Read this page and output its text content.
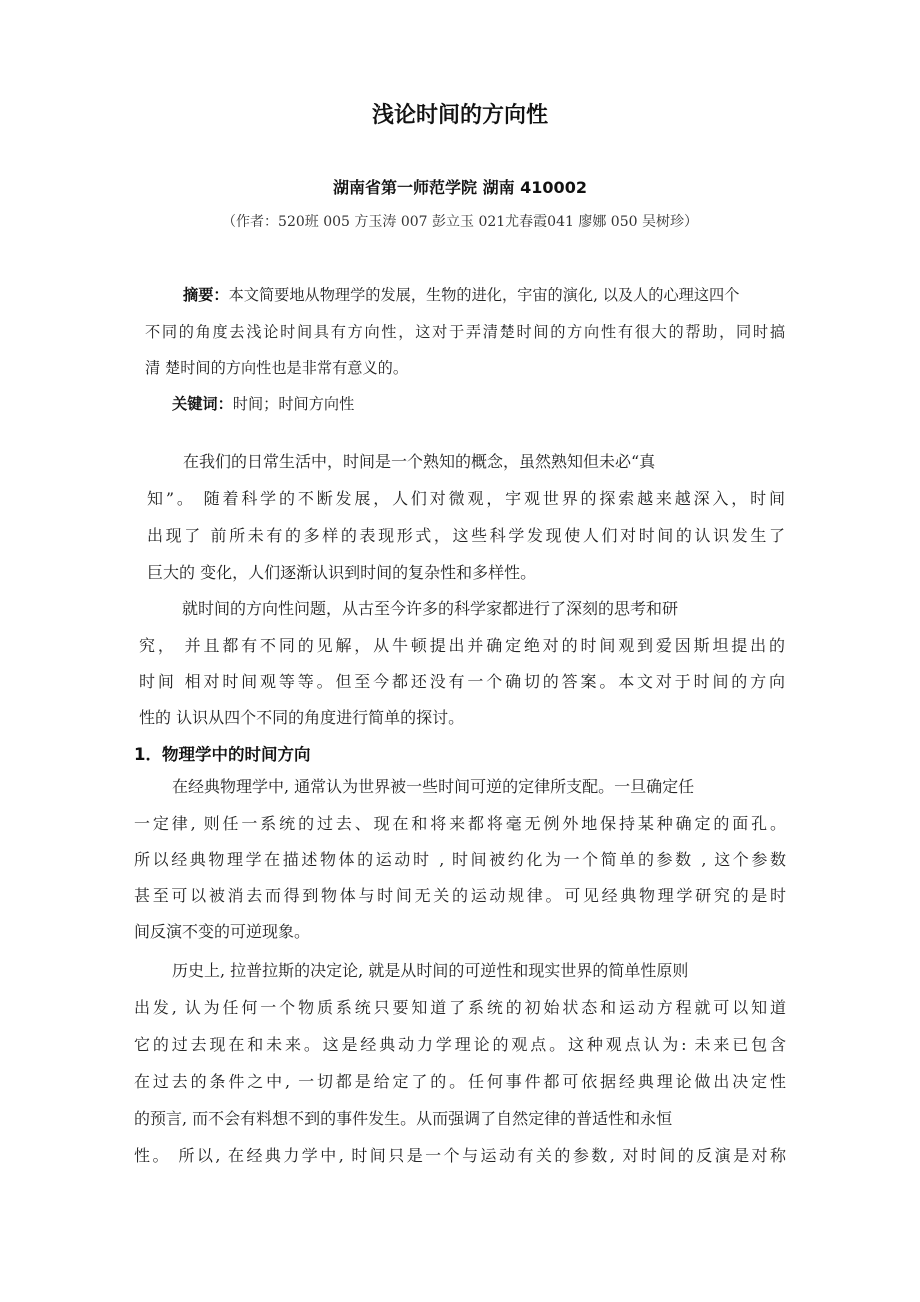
浅论时间的方向性
湖南省第一师范学院 湖南 410002
（作者：520班 005 方玉涛 007 彭立玉 021尤春霞041 廖娜 050 吴树珍）
摘要：本文简要地从物理学的发展，生物的进化，宇宙的演化, 以及人的心理这四个
不同的角度去浅论时间具有方向性，这对于弄清楚时间的方向性有很大的帮助，同时搞
清 楚时间的方向性也是非常有意义的。
关键词：时间；时间方向性
在我们的日常生活中，时间是一个熟知的概念，虽然熟知但未必“真
知”。 随着科学的不断发展，人们对微观，宇观世界的探索越来越深入，时间
出现了 前所未有的多样的表现形式，这些科学发现使人们对时间的认识发生了
巨大的 变化，人们逐渐认识到时间的复杂性和多样性。
就时间的方向性问题，从古至今许多的科学家都进行了深刻的思考和研
究， 并且都有不同的见解，从牛顿提出并确定绝对的时间观到爱因斯坦提出的
时间 相对时间观等等。但至今都还没有一个确切的答案。本文对于时间的方向
性的 认识从四个不同的角度进行简单的探讨。
1．物理学中的时间方向
在经典物理学中, 通常认为世界被一些时间可逆的定律所支配。一旦确定任
一定律, 则任一系统的过去、现在和将来都将毫无例外地保持某种确定的面孔。
所以经典物理学在描述物体的运动时 , 时间被约化为一个简单的参数 , 这个参数
甚至可以被消去而得到物体与时间无关的运动规律。可见经典物理学研究的是时
间反演不变的可逆现象。
历史上, 拉普拉斯的决定论, 就是从时间的可逆性和现实世界的简单性原则
出发, 认为任何一个物质系统只要知道了系统的初始状态和运动方程就可以知道
它的过去现在和未来。这是经典动力学理论的观点。这种观点认为: 未来已包含
在过去的条件之中, 一切都是给定了的。任何事件都可依据经典理论做出决定性
的预言, 而不会有料想不到的事件发生。从而强调了自然定律的普适性和永恒
性。 所以, 在经典力学中, 时间只是一个与运动有关的参数, 对时间的反演是对称
